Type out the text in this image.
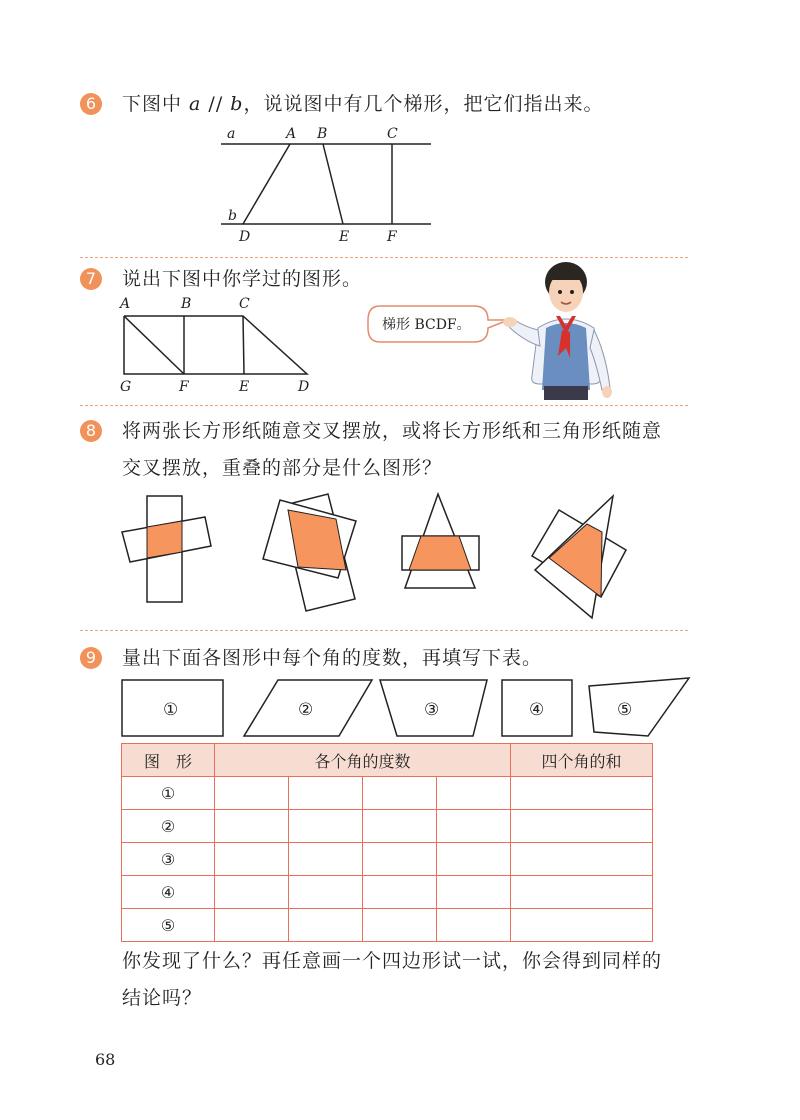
6	下图中 a // b，说说图中有几个梯形，把它们指出来。
a	A B	C
b
D	E	F
7	说出下图中你学过的图形。
A	B	C
G	F	E	D
梯形 BCDF。
8	将两张长方形纸随意交叉摆放，或将长方形纸和三角形纸随意
交叉摆放，重叠的部分是什么图形？
9	量出下面各图形中每个角的度数，再填写下表。
①	②	③	④	⑤
图　形	各个角的度数				四个角的和
①					
②					
③					
④					
⑤					
你发现了什么？再任意画一个四边形试一试，你会得到同样的
结论吗？
68
